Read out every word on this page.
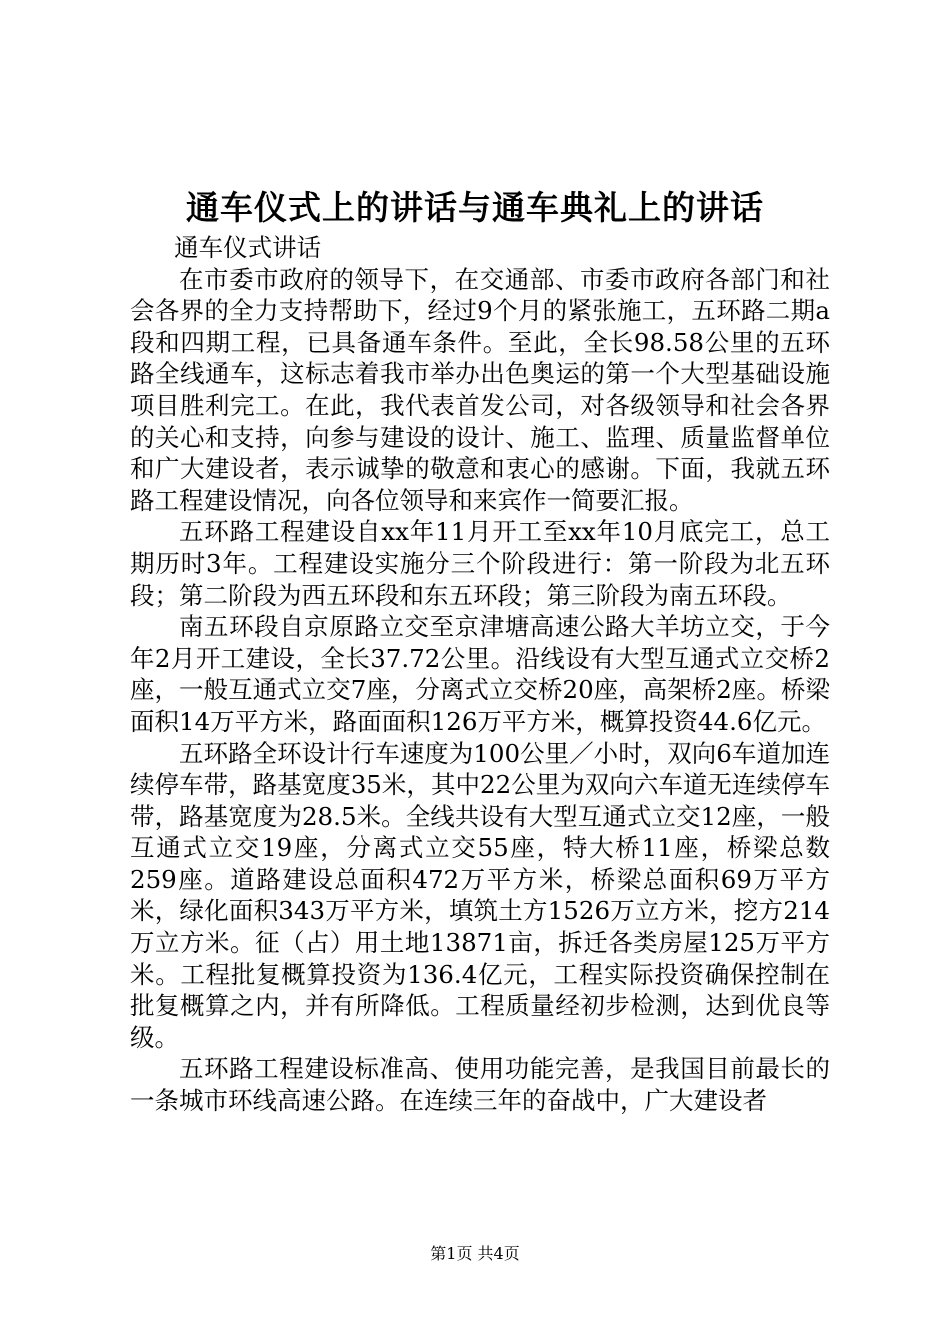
通车仪式上的讲话与通车典礼上的讲话

通车仪式讲话

在市委市政府的领导下，在交通部、市委市政府各部门和社会各界的全力支持帮助下，经过9个月的紧张施工，五环路二期a段和四期工程，已具备通车条件。至此，全长98.58公里的五环路全线通车，这标志着我市举办出色奥运的第一个大型基础设施项目胜利完工。在此，我代表首发公司，对各级领导和社会各界的关心和支持，向参与建设的设计、施工、监理、质量监督单位和广大建设者，表示诚挚的敬意和衷心的感谢。下面，我就五环路工程建设情况，向各位领导和来宾作一简要汇报。

五环路工程建设自xx年11月开工至xx年10月底完工，总工期历时3年。工程建设实施分三个阶段进行：第一阶段为北五环段；第二阶段为西五环段和东五环段；第三阶段为南五环段。

南五环段自京原路立交至京津塘高速公路大羊坊立交，于今年2月开工建设，全长37.72公里。沿线设有大型互通式立交桥2座，一般互通式立交7座，分离式立交桥20座，高架桥2座。桥梁面积14万平方米，路面面积126万平方米，概算投资44.6亿元。

五环路全环设计行车速度为100公里／小时，双向6车道加连续停车带，路基宽度35米，其中22公里为双向六车道无连续停车带，路基宽度为28.5米。全线共设有大型互通式立交12座，一般互通式立交19座，分离式立交55座，特大桥11座，桥梁总数259座。道路建设总面积472万平方米，桥梁总面积69万平方米，绿化面积343万平方米，填筑土方1526万立方米，挖方214万立方米。征（占）用土地13871亩，拆迁各类房屋125万平方米。工程批复概算投资为136.4亿元，工程实际投资确保控制在批复概算之内，并有所降低。工程质量经初步检测，达到优良等级。

五环路工程建设标准高、使用功能完善，是我国目前最长的一条城市环线高速公路。在连续三年的奋战中，广大建设者

第1页 共4页
